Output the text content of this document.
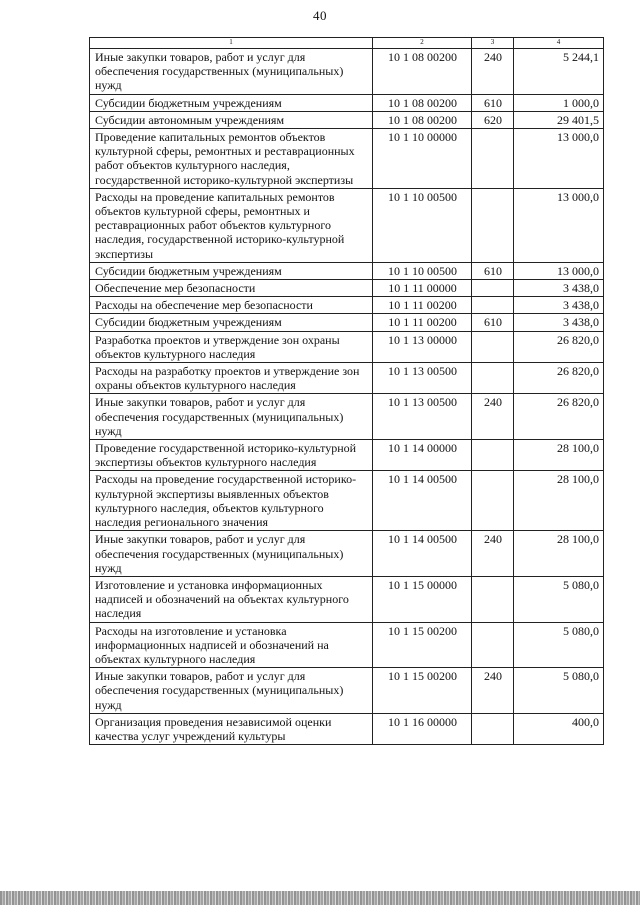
40
1	2	3	4
Иные закупки товаров, работ и услуг для обеспечения государственных (муниципальных) нужд	10 1 08 00200	240	5 244,1
Субсидии бюджетным учреждениям	10 1 08 00200	610	1 000,0
Субсидии автономным учреждениям	10 1 08 00200	620	29 401,5
Проведение капитальных ремонтов объектов культурной сферы, ремонтных и реставрационных работ объектов культурного наследия, государственной историко-культурной экспертизы	10 1 10 00000		13 000,0
Расходы на проведение капитальных ремонтов объектов культурной сферы, ремонтных и реставрационных работ объектов культурного наследия, государственной историко-культурной экспертизы	10 1 10 00500		13 000,0
Субсидии бюджетным учреждениям	10 1 10 00500	610	13 000,0
Обеспечение мер безопасности	10 1 11 00000		3 438,0
Расходы на обеспечение мер безопасности	10 1 11 00200		3 438,0
Субсидии бюджетным учреждениям	10 1 11 00200	610	3 438,0
Разработка проектов и утверждение зон охраны объектов культурного наследия	10 1 13 00000		26 820,0
Расходы на разработку проектов и утверждение зон охраны объектов культурного наследия	10 1 13 00500		26 820,0
Иные закупки товаров, работ и услуг для обеспечения государственных (муниципальных) нужд	10 1 13 00500	240	26 820,0
Проведение государственной историко-культурной экспертизы объектов культурного наследия	10 1 14 00000		28 100,0
Расходы на проведение государственной историко-культурной экспертизы выявленных объектов культурного наследия, объектов культурного наследия регионального значения	10 1 14 00500		28 100,0
Иные закупки товаров, работ и услуг для обеспечения государственных (муниципальных) нужд	10 1 14 00500	240	28 100,0
Изготовление и установка информационных надписей и обозначений на объектах культурного наследия	10 1 15 00000		5 080,0
Расходы на изготовление и установка информационных надписей и обозначений на объектах культурного наследия	10 1 15 00200		5 080,0
Иные закупки товаров, работ и услуг для обеспечения государственных (муниципальных) нужд	10 1 15 00200	240	5 080,0
Организация проведения независимой оценки качества услуг учреждений культуры	10 1 16 00000		400,0
